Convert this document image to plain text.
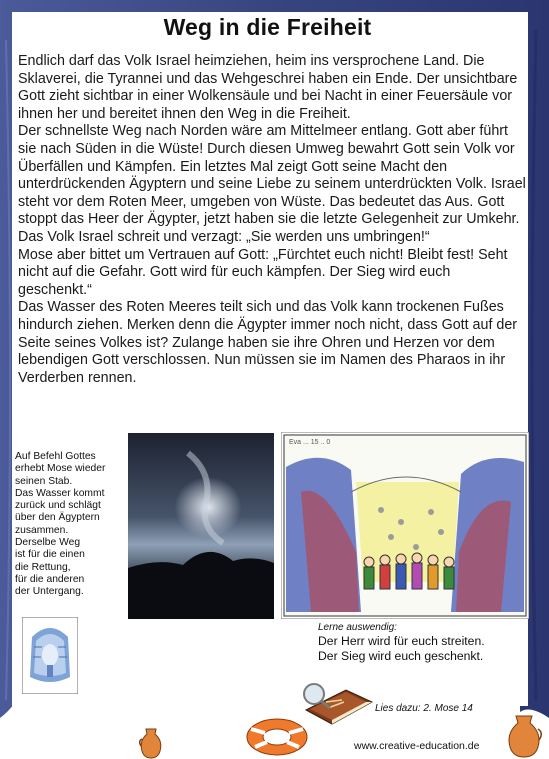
Weg in die Freiheit

Endlich darf das Volk Israel heimziehen, heim ins versprochene Land. Die Sklaverei, die Tyrannei und das Wehgeschrei haben ein Ende. Der unsichtbare Gott zieht sichtbar in einer Wolkensäule und bei Nacht in einer Feuersäule vor ihnen her und bereitet ihnen den Weg in die Freiheit.

Der schnellste Weg nach Norden wäre am Mittelmeer entlang. Gott aber führt sie nach Süden in die Wüste! Durch diesen Umweg bewahrt Gott sein Volk vor Überfällen und Kämpfen. Ein letztes Mal zeigt Gott seine Macht den unterdrückenden Ägyptern und seine Liebe zu seinem unterdrückten Volk. Israel steht vor dem Roten Meer, umgeben von Wüste. Das bedeutet das Aus. Gott stoppt das Heer der Ägypter, jetzt haben sie die letzte Gelegenheit zur Umkehr. Das Volk Israel schreit und verzagt: „Sie werden uns umbringen!“

Mose aber bittet um Vertrauen auf Gott: „Fürchtet euch nicht! Bleibt fest! Seht nicht auf die Gefahr. Gott wird für euch kämpfen. Der Sieg wird euch geschenkt.“

Das Wasser des Roten Meeres teilt sich und das Volk kann trockenen Fußes hindurch ziehen. Merken denn die Ägypter immer noch nicht, dass Gott auf der Seite seines Volkes ist? Zulange haben sie ihre Ohren und Herzen vor dem lebendigen Gott verschlossen. Nun müssen sie im Namen des Pharaos in ihr Verderben rennen.

Auf Befehl Gottes

erhebt Mose wieder

seinen Stab.

Das Wasser kommt

zurück und schlägt

über den Ägyptern

zusammen.

Derselbe Weg

ist für die einen

die Rettung,

für die anderen

der Untergang.

Eva ... 15 .. 0
Lerne auswendig:
Der Herr wird für euch streiten.
Der Sieg wird euch geschenkt.
Lies dazu: 2. Mose 14
www.creative-education.de
